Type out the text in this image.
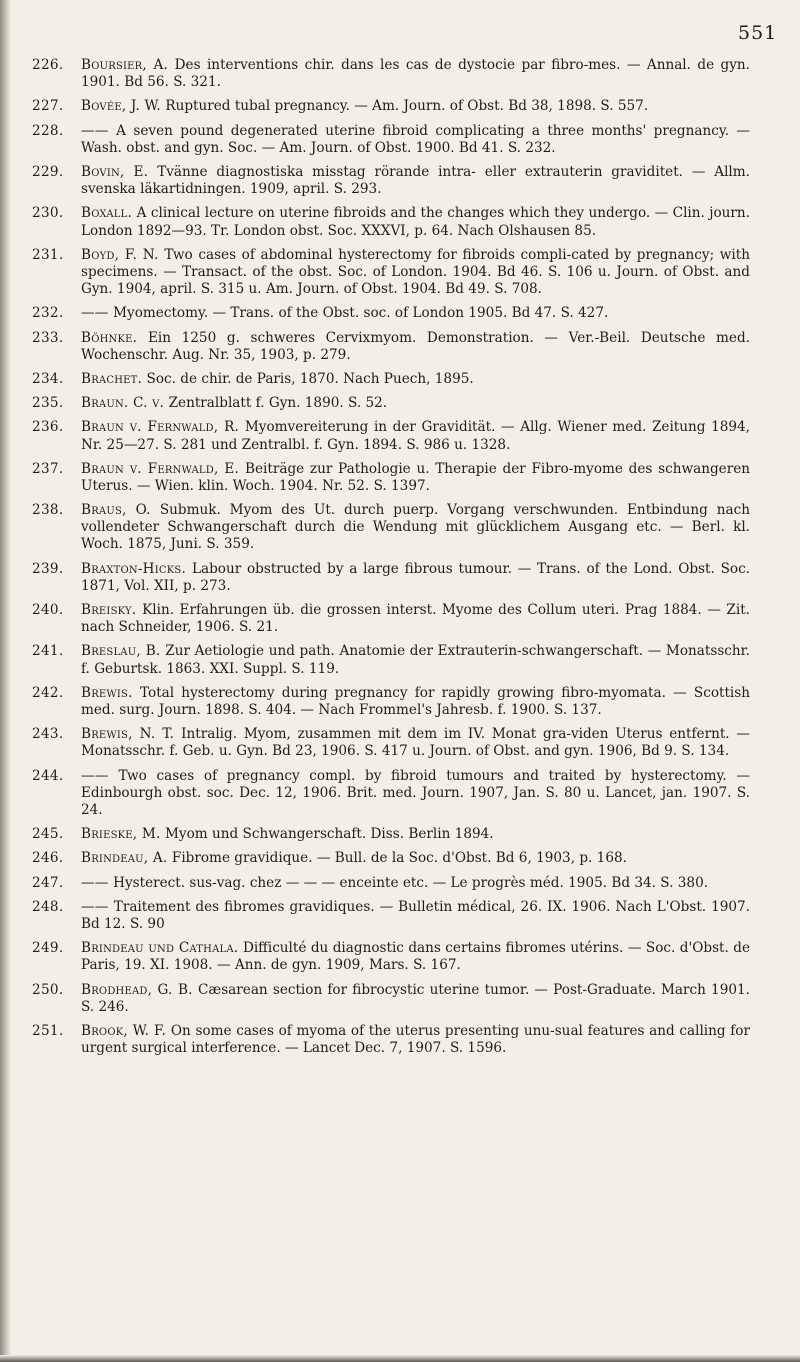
551
226. Boursier, A. Des interventions chir. dans les cas de dystocie par fibro-mes. — Annal. de gyn. 1901. Bd 56. S. 321.
227. Bovée, J. W. Ruptured tubal pregnancy. — Am. Journ. of Obst. Bd 38, 1898. S. 557.
228. —— A seven pound degenerated uterine fibroid complicating a three months' pregnancy. — Wash. obst. and gyn. Soc. — Am. Journ. of Obst. 1900. Bd 41. S. 232.
229. Bovin, E. Tvänne diagnostiska misstag rörande intra- eller extrauterin graviditet. — Allm. svenska läkartidningen. 1909, april. S. 293.
230. Boxall. A clinical lecture on uterine fibroids and the changes which they undergo. — Clin. journ. London 1892—93. Tr. London obst. Soc. XXXVI, p. 64. Nach Olshausen 85.
231. Boyd, F. N. Two cases of abdominal hysterectomy for fibroids compli-cated by pregnancy; with specimens. — Transact. of the obst. Soc. of London. 1904. Bd 46. S. 106 u. Journ. of Obst. and Gyn. 1904, april. S. 315 u. Am. Journ. of Obst. 1904. Bd 49. S. 708.
232. —— Myomectomy. — Trans. of the Obst. soc. of London 1905. Bd 47. S. 427.
233. Böhnke. Ein 1250 g. schweres Cervixmyom. Demonstration. — Ver.-Beil. Deutsche med. Wochenschr. Aug. Nr. 35, 1903, p. 279.
234. Brachet. Soc. de chir. de Paris, 1870. Nach Puech, 1895.
235. Braun. C. v. Zentralblatt f. Gyn. 1890. S. 52.
236. Braun v. Fernwald, R. Myomvereiterung in der Gravidität. — Allg. Wiener med. Zeitung 1894, Nr. 25—27. S. 281 und Zentralbl. f. Gyn. 1894. S. 986 u. 1328.
237. Braun v. Fernwald, E. Beiträge zur Pathologie u. Therapie der Fibro-myome des schwangeren Uterus. — Wien. klin. Woch. 1904. Nr. 52. S. 1397.
238. Braus, O. Submuk. Myom des Ut. durch puerp. Vorgang verschwunden. Entbindung nach vollendeter Schwangerschaft durch die Wendung mit glücklichem Ausgang etc. — Berl. kl. Woch. 1875, Juni. S. 359.
239. Braxton-Hicks. Labour obstructed by a large fibrous tumour. — Trans. of the Lond. Obst. Soc. 1871, Vol. XII, p. 273.
240. Breisky. Klin. Erfahrungen üb. die grossen interst. Myome des Collum uteri. Prag 1884. — Zit. nach Schneider, 1906. S. 21.
241. Breslau, B. Zur Aetiologie und path. Anatomie der Extrauterin-schwangerschaft. — Monatsschr. f. Geburtsk. 1863. XXI. Suppl. S. 119.
242. Brewis. Total hysterectomy during pregnancy for rapidly growing fibro-myomata. — Scottish med. surg. Journ. 1898. S. 404. — Nach Frommel's Jahresb. f. 1900. S. 137.
243. Brewis, N. T. Intralig. Myom, zusammen mit dem im IV. Monat gra-viden Uterus entfernt. — Monatsschr. f. Geb. u. Gyn. Bd 23, 1906. S. 417 u. Journ. of Obst. and gyn. 1906, Bd 9. S. 134.
244. —— Two cases of pregnancy compl. by fibroid tumours and traited by hysterectomy. — Edinbourgh obst. soc. Dec. 12, 1906. Brit. med. Journ. 1907, Jan. S. 80 u. Lancet, jan. 1907. S. 24.
245. Brieske, M. Myom und Schwangerschaft. Diss. Berlin 1894.
246. Brindeau, A. Fibrome gravidique. — Bull. de la Soc. d'Obst. Bd 6, 1903, p. 168.
247. —— Hysterect. sus-vag. chez — — — enceinte etc. — Le progrès méd. 1905. Bd 34. S. 380.
248. —— Traitement des fibromes gravidiques. — Bulletin médical, 26. IX. 1906. Nach L'Obst. 1907. Bd 12. S. 90
249. Brindeau und Cathala. Difficulté du diagnostic dans certains fibromes utérins. — Soc. d'Obst. de Paris, 19. XI. 1908. — Ann. de gyn. 1909, Mars. S. 167.
250. Brodhead, G. B. Cæsarean section for fibrocystic uterine tumor. — Post-Graduate. March 1901. S. 246.
251. Brook, W. F. On some cases of myoma of the uterus presenting unu-sual features and calling for urgent surgical interference. — Lancet Dec. 7, 1907. S. 1596.
